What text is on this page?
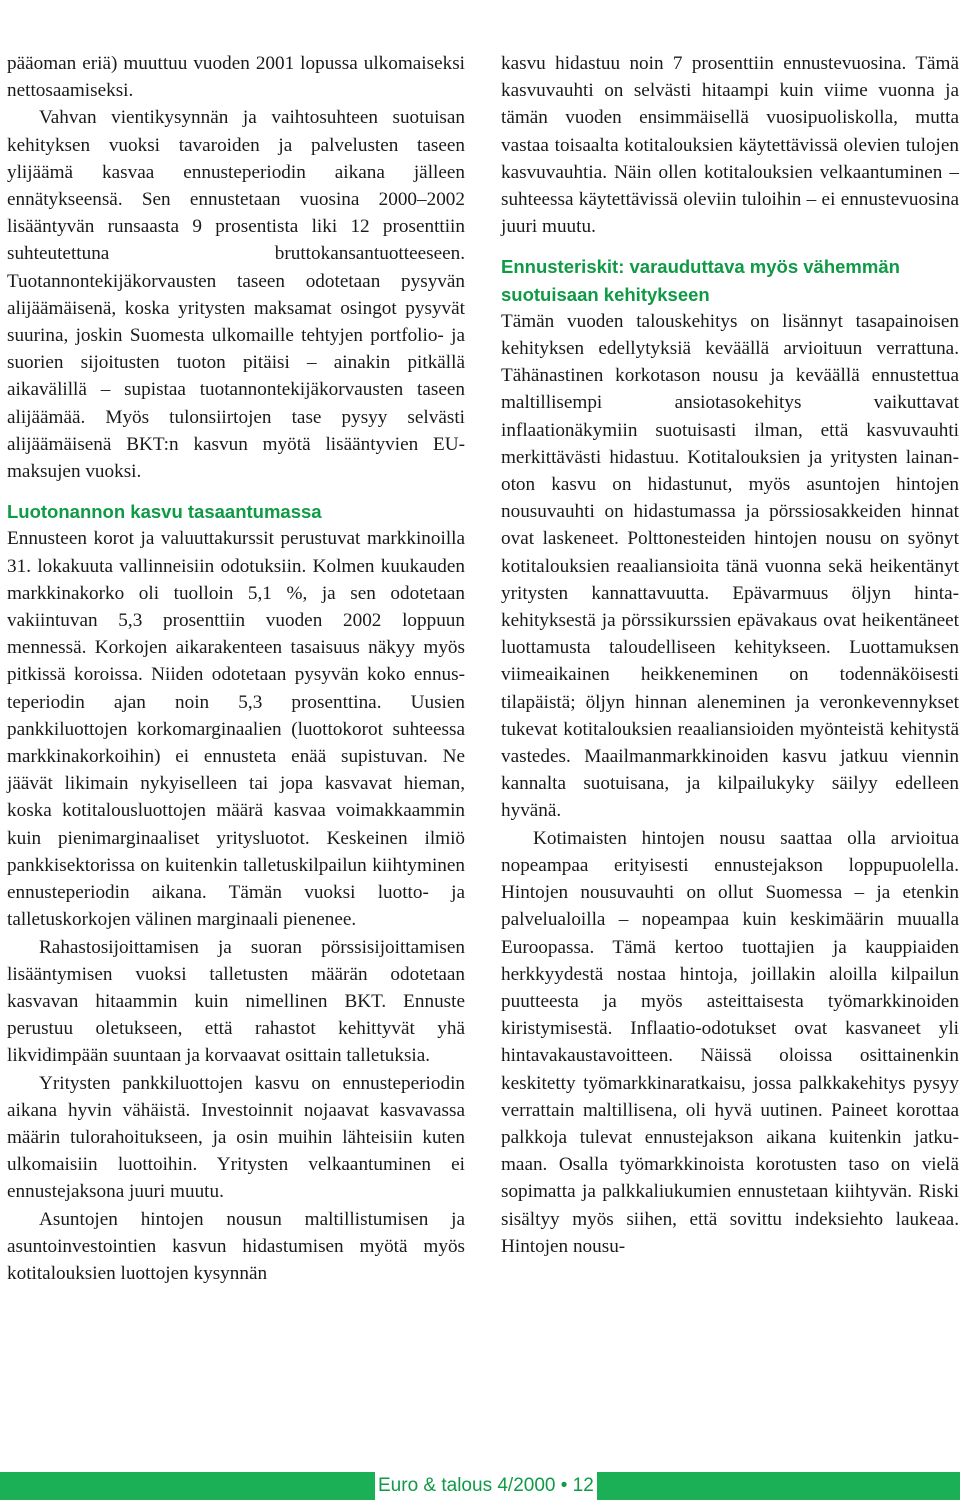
pääoman eriä) muuttuu vuoden 2001 lopussa ulkomaiseksi nettosaamiseksi.

Vahvan vientikysynnän ja vaihtosuhteen suotuisan kehityksen vuoksi tavaroiden ja palvelusten taseen ylijäämä kasvaa ennusteperiodin aikana jälleen ennätykseensä. Sen ennustetaan vuosina 2000–2002 lisääntyvän runsaasta 9 prosentista liki 12 prosenttiin suhteutettuna bruttokansantuotteeseen. Tuotannontekijäkorvausten taseen odotetaan pysyvän alijäämäisenä, koska yritysten maksamat osingot pysyvät suurina, joskin Suomesta ulkomaille tehtyjen portfolio- ja suorien sijoitusten tuoton pitäisi – ainakin pitkällä aikavälillä – supistaa tuotannontekijäkorvausten taseen alijäämää. Myös tulonsiirtojen tase pysyy selvästi alijäämäisenä BKT:n kasvun myötä lisääntyvien EU-maksujen vuoksi.

Luotonannon kasvu tasaantumassa

Ennusteen korot ja valuuttakurssit perustuvat markkinoilla 31. lokakuuta vallinneisiin odotuksiin. Kolmen kuukauden markkinakorko oli tuolloin 5,1 %, ja sen odotetaan vakiintuvan 5,3 prosenttiin vuoden 2002 loppuun mennessä. Korkojen aikarakenteen tasaisuus näkyy myös pitkissä koroissa. Niiden odotetaan pysyvän koko ennusteperiodin ajan noin 5,3 prosenttina. Uusien pankkiluottojen korkomarginaalien (luottokorot suhteessa markkinakorkoihin) ei ennusteta enää supistuvan. Ne jäävät likimain nykyiselleen tai jopa kasvavat hieman, koska kotitalousluottojen määrä kasvaa voimakkaammin kuin pienimarginaaliset yritysluotot. Keskeinen ilmiö pankkisektorissa on kuitenkin talletuskilpailun kiihtyminen ennusteperiodin aikana. Tämän vuoksi luotto- ja talletuskorkojen välinen marginaali pienenee.

Rahastosijoittamisen ja suoran pörssisijoittamisen lisääntymisen vuoksi talletusten määrän odotetaan kasvavan hitaammin kuin nimellinen BKT. Ennuste perustuu oletukseen, että rahastot kehittyvät yhä likvidimpään suuntaan ja korvaavat osittain talletuksia.

Yritysten pankkiluottojen kasvu on ennusteperiodin aikana hyvin vähäistä. Investoinnit nojaavat kasvavassa määrin tulorahoitukseen, ja osin muihin lähteisiin kuten ulkomaisiin luottoihin. Yritysten velkaantuminen ei ennustejaksona juuri muutu.

Asuntojen hintojen nousun maltillistumisen ja asuntoinvestointien kasvun hidastumisen myötä myös kotitalouksien luottojen kysynnän

kasvu hidastuu noin 7 prosenttiin ennustevuosina. Tämä kasvuvauhti on selvästi hitaampi kuin viime vuonna ja tämän vuoden ensimmäisellä vuosipuoliskolla, mutta vastaa toisaalta kotitalouksien käytettävissä olevien tulojen kasvuvauhtia. Näin ollen kotitalouksien velkaantuminen – suhteessa käytettävissä oleviin tuloihin – ei ennustevuosina juuri muutu.

Ennusteriskit: varauduttava myös vähemmän suotuisaan kehitykseen

Tämän vuoden talouskehitys on lisännyt tasapainoisen kehityksen edellytyksiä keväällä arvioituun verrattuna. Tähänastinen korkotason nousu ja keväällä ennustettua maltillisempi ansiotasokehitys vaikuttavat inflaationäkymiin suotuisasti ilman, että kasvuvauhti merkittävästi hidastuu. Kotitalouksien ja yritysten lainanoton kasvu on hidastunut, myös asuntojen hintojen nousuvauhti on hidastumassa ja pörssiosakkeiden hinnat ovat laskeneet. Polttonesteiden hintojen nousu on syönyt kotitalouksien reaaliansioita tänä vuonna sekä heikentänyt yritysten kannattavuutta. Epävarmuus öljyn hintakehityksestä ja pörssikurssien epävakaus ovat heikentäneet luottamusta taloudelliseen kehitykseen. Luottamuksen viimeaikainen heikkeneminen on todennäköisesti tilapäistä; öljyn hinnan aleneminen ja veronkevennykset tukevat kotitalouksien reaaliansioiden myönteistä kehitystä vastedes. Maailmanmarkkinoiden kasvu jatkuu viennin kannalta suotuisana, ja kilpailukyky säilyy edelleen hyvänä.

Kotimaisten hintojen nousu saattaa olla arvioitua nopeampaa erityisesti ennustejakson loppupuolella. Hintojen nousuvauhti on ollut Suomessa – ja etenkin palvelualoilla – nopeampaa kuin keskimäärin muualla Euroopassa. Tämä kertoo tuottajien ja kauppiaiden herkkyydestä nostaa hintoja, joillakin aloilla kilpailun puutteesta ja myös asteittaisesta työmarkkinoiden kiristymisestä. Inflaatio-odotukset ovat kasvaneet yli hintavakaustavoitteen. Näissä oloissa osittainenkin keskitetty työmarkkinaratkaisu, jossa palkkakehitys pysyy verrattain maltillisena, oli hyvä uutinen. Paineet korottaa palkkoja tulevat ennustejakson aikana kuitenkin jatkumaan. Osalla työmarkkinoista korotusten taso on vielä sopimatta ja palkkaliukumien ennustetaan kiihtyvän. Riski sisältyy myös siihen, että sovittu indeksiehto laukeaa. Hintojen nousu-

Euro & talous 4/2000 • 12
